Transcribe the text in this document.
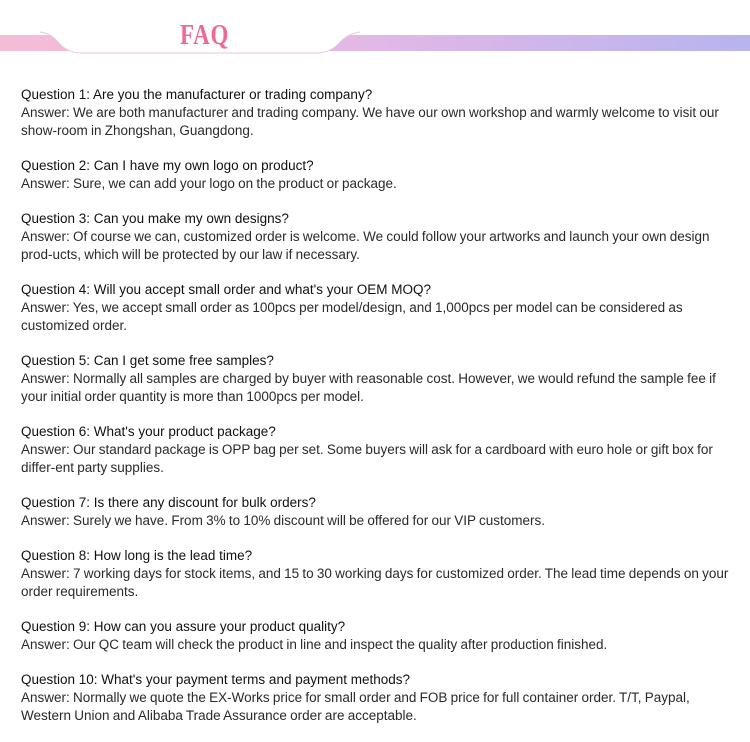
FAQ
Question 1: Are you the manufacturer or trading company?
Answer: We are both manufacturer and trading company. We have our own workshop and warmly welcome to visit our show-room in Zhongshan, Guangdong.
Question 2: Can I have my own logo on product?
Answer: Sure, we can add your logo on the product or package.
Question 3: Can you make my own designs?
Answer: Of course we can, customized order is welcome. We could follow your artworks and launch your own design prod-ucts, which will be protected by our law if necessary.
Question 4: Will you accept small order and what's your OEM MOQ?
Answer: Yes, we accept small order as 100pcs per model/design, and 1,000pcs per model can be considered as customized order.
Question 5: Can I get some free samples?
Answer: Normally all samples are charged by buyer with reasonable cost. However, we would refund the sample fee if your initial order quantity is more than 1000pcs per model.
Question 6: What's your product package?
Answer: Our standard package is OPP bag per set. Some buyers will ask for a cardboard with euro hole or gift box for differ-ent party supplies.
Question 7: Is there any discount for bulk orders?
Answer: Surely we have. From 3% to 10% discount will be offered for our VIP customers.
Question 8: How long is the lead time?
Answer: 7 working days for stock items, and 15 to 30 working days for customized order. The lead time depends on your order requirements.
Question 9: How can you assure your product quality?
Answer: Our QC team will check the product in line and inspect the quality after production finished.
Question 10: What's your payment terms and payment methods?
Answer: Normally we quote the EX-Works price for small order and FOB price for full container order. T/T, Paypal, Western Union and Alibaba Trade Assurance order are acceptable.
